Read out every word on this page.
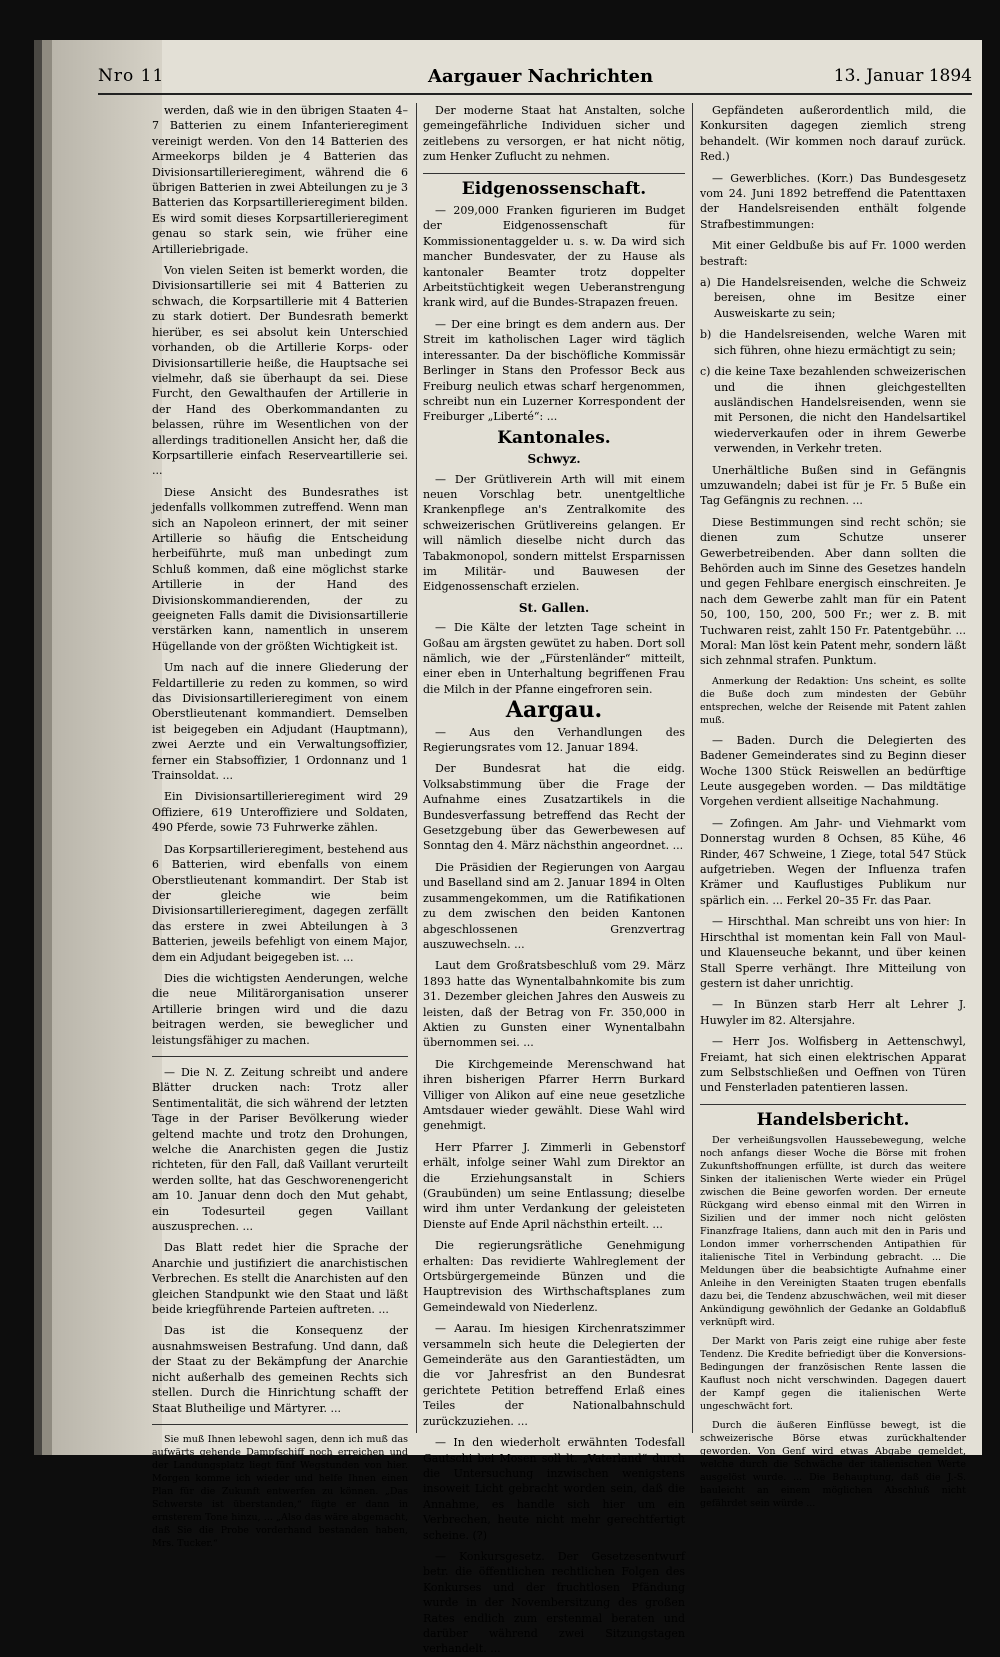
Nro 11	Aargauer Nachrichten	13. Januar 1894

werden, daß wie in den übrigen Staaten 4–7 Batterien zu einem Infanterieregiment vereinigt werden. Von den 14 Batterien des Armeekorps bilden je 4 Batterien das Divisionsartillerieregiment, während die 6 übrigen Batterien in zwei Abteilungen zu je 3 Batterien das Korpsartillerieregiment bilden. Es wird somit dieses Korpsartillerieregiment genau so stark sein, wie früher eine Artilleriebrigade.

Von vielen Seiten ist bemerkt worden, die Divisionsartillerie sei mit 4 Batterien zu schwach, die Korpsartillerie mit 4 Batterien zu stark dotiert. Der Bundesrath bemerkt hierüber, es sei absolut kein Unterschied vorhanden, ob die Artillerie Korps- oder Divisionsartillerie heiße, die Hauptsache sei vielmehr, daß sie überhaupt da sei. Diese Furcht, den Gewalthaufen der Artillerie in der Hand des Oberkommandanten zu belassen, rühre im Wesentlichen von der allerdings traditionellen Ansicht her, daß die Korpsartillerie einfach Reserveartillerie sei. ...

Diese Ansicht des Bundesrathes ist jedenfalls vollkommen zutreffend. Wenn man sich an Napoleon erinnert, der mit seiner Artillerie so häufig die Entscheidung herbeiführte, muß man unbedingt zum Schluß kommen, daß eine möglichst starke Artillerie in der Hand des Divisionskommandierenden, der zu geeigneten Falls damit die Divisionsartillerie verstärken kann, namentlich in unserem Hügellande von der größten Wichtigkeit ist.

Um nach auf die innere Gliederung der Feldartillerie zu reden zu kommen, so wird das Divisionsartillerieregiment von einem Oberstlieutenant kommandiert. Demselben ist beigegeben ein Adjudant (Hauptmann), zwei Aerzte und ein Verwaltungsoffizier, ferner ein Stabsoffizier, 1 Ordonnanz und 1 Trainsoldat. ...

Ein Divisionsartillerieregiment wird 29 Offiziere, 619 Unteroffiziere und Soldaten, 490 Pferde, sowie 73 Fuhrwerke zählen.

Das Korpsartillerieregiment, bestehend aus 6 Batterien, wird ebenfalls von einem Oberstlieutenant kommandirt. Der Stab ist der gleiche wie beim Divisionsartillerieregiment, dagegen zerfällt das erstere in zwei Abteilungen à 3 Batterien, jeweils befehligt von einem Major, dem ein Adjudant beigegeben ist. ...

Dies die wichtigsten Aenderungen, welche die neue Militärorganisation unserer Artillerie bringen wird und die dazu beitragen werden, sie beweglicher und leistungsfähiger zu machen.

— Die N. Z. Zeitung schreibt und andere Blätter drucken nach: Trotz aller Sentimentalität, die sich während der letzten Tage in der Pariser Bevölkerung wieder geltend machte und trotz den Drohungen, welche die Anarchisten gegen die Justiz richteten, für den Fall, daß Vaillant verurteilt werden sollte, hat das Geschworenengericht am 10. Januar denn doch den Mut gehabt, ein Todesurteil gegen Vaillant auszusprechen. ...

Das Blatt redet hier die Sprache der Anarchie und justifiziert die anarchistischen Verbrechen. Es stellt die Anarchisten auf den gleichen Standpunkt wie den Staat und läßt beide kriegführende Parteien auftreten. ...

Das ist die Konsequenz der ausnahmsweisen Bestrafung. Und dann, daß der Staat zu der Bekämpfung der Anarchie nicht außerhalb des gemeinen Rechts sich stellen. Durch die Hinrichtung schafft der Staat Blutheilige und Märtyrer. ...

Sie muß Ihnen lebewohl sagen, denn ich muß das aufwärts gehende Dampfschiff noch erreichen und der Landungsplatz liegt fünf Wegstunden von hier. Morgen komme ich wieder und helfe Ihnen einen Plan für die Zukunft entwerfen zu können. „Das Schwerste ist überstanden,“ fügte er dann in ernsterem Tone hinzu, ... „Also das wäre abgemacht, daß Sie die Probe vorderhand bestanden haben, Mrs. Tucker.“

Der moderne Staat hat Anstalten, solche gemeingefährliche Individuen sicher und zeitlebens zu versorgen, er hat nicht nötig, zum Henker Zuflucht zu nehmen.

Eidgenossenschaft.

— 209,000 Franken figurieren im Budget der Eidgenossenschaft für Kommissionentaggelder u. s. w. Da wird sich mancher Bundesvater, der zu Hause als kantonaler Beamter trotz doppelter Arbeitstüchtigkeit wegen Ueberanstrengung krank wird, auf die Bundes-Strapazen freuen.

— Der eine bringt es dem andern aus. Der Streit im katholischen Lager wird täglich interessanter. Da der bischöfliche Kommissär Berlinger in Stans den Professor Beck aus Freiburg neulich etwas scharf hergenommen, schreibt nun ein Luzerner Korrespondent der Freiburger „Liberté“: ...

Kantonales.
Schwyz.

— Der Grütliverein Arth will mit einem neuen Vorschlag betr. unentgeltliche Krankenpflege an's Zentralkomite des schweizerischen Grütlivereins gelangen. Er will nämlich dieselbe nicht durch das Tabakmonopol, sondern mittelst Ersparnissen im Militär- und Bauwesen der Eidgenossenschaft erzielen.

St. Gallen.

— Die Kälte der letzten Tage scheint in Goßau am ärgsten gewütet zu haben. Dort soll nämlich, wie der „Fürstenländer“ mitteilt, einer eben in Unterhaltung begriffenen Frau die Milch in der Pfanne eingefroren sein.

Aargau.

— Aus den Verhandlungen des Regierungsrates vom 12. Januar 1894.

Der Bundesrat hat die eidg. Volksabstimmung über die Frage der Aufnahme eines Zusatzartikels in die Bundesverfassung betreffend das Recht der Gesetzgebung über das Gewerbewesen auf Sonntag den 4. März nächsthin angeordnet. ...

Die Präsidien der Regierungen von Aargau und Baselland sind am 2. Januar 1894 in Olten zusammengekommen, um die Ratifikationen zu dem zwischen den beiden Kantonen abgeschlossenen Grenzvertrag auszuwechseln. ...

Laut dem Großratsbeschluß vom 29. März 1893 hatte das Wynentalbahnkomite bis zum 31. Dezember gleichen Jahres den Ausweis zu leisten, daß der Betrag von Fr. 350,000 in Aktien zu Gunsten einer Wynentalbahn übernommen sei. ...

Die Kirchgemeinde Merenschwand hat ihren bisherigen Pfarrer Herrn Burkard Villiger von Alikon auf eine neue gesetzliche Amtsdauer wieder gewählt. Diese Wahl wird genehmigt.

Herr Pfarrer J. Zimmerli in Gebenstorf erhält, infolge seiner Wahl zum Direktor an die Erziehungsanstalt in Schiers (Graubünden) um seine Entlassung; dieselbe wird ihm unter Verdankung der geleisteten Dienste auf Ende April nächsthin erteilt. ...

Die regierungsrätliche Genehmigung erhalten: Das revidierte Wahlreglement der Ortsbürgergemeinde Bünzen und die Hauptrevision des Wirthschaftsplanes zum Gemeindewald von Niederlenz.

— Aarau. Im hiesigen Kirchenratszimmer versammeln sich heute die Delegierten der Gemeinderäte aus den Garantiestädten, um die vor Jahresfrist an den Bundesrat gerichtete Petition betreffend Erlaß eines Teiles der Nationalbahnschuld zurückzuziehen. ...

— In den wiederholt erwähnten Todesfall Gautschi bei Mosen soll lt. „Vaterland“ durch die Untersuchung inzwischen wenigstens insoweit Licht gebracht worden sein, daß die Annahme, es handle sich hier um ein Verbrechen, heute nicht mehr gerechtfertigt scheine. (?)

— Konkursgesetz. Der Gesetzesentwurf betr. die öffentlichen rechtlichen Folgen des Konkurses und der fruchtlosen Pfändung wurde in der Novembersitzung des großen Rates endlich zum erstenmal beraten und darüber während zwei Sitzungstagen verhandelt. ...

Gepfändeten außerordentlich mild, die Konkursiten dagegen ziemlich streng behandelt. (Wir kommen noch darauf zurück. Red.)

— Gewerbliches. (Korr.) Das Bundesgesetz vom 24. Juni 1892 betreffend die Patenttaxen der Handelsreisenden enthält folgende Strafbestimmungen:

Mit einer Geldbuße bis auf Fr. 1000 werden bestraft:

a) Die Handelsreisenden, welche die Schweiz bereisen, ohne im Besitze einer Ausweiskarte zu sein;

b) die Handelsreisenden, welche Waren mit sich führen, ohne hiezu ermächtigt zu sein;

c) die keine Taxe bezahlenden schweizerischen und die ihnen gleichgestellten ausländischen Handelsreisenden, wenn sie mit Personen, die nicht den Handelsartikel wiederverkaufen oder in ihrem Gewerbe verwenden, in Verkehr treten.

Unerhältliche Bußen sind in Gefängnis umzuwandeln; dabei ist für je Fr. 5 Buße ein Tag Gefängnis zu rechnen. ...

Diese Bestimmungen sind recht schön; sie dienen zum Schutze unserer Gewerbetreibenden. Aber dann sollten die Behörden auch im Sinne des Gesetzes handeln und gegen Fehlbare energisch einschreiten. Je nach dem Gewerbe zahlt man für ein Patent 50, 100, 150, 200, 500 Fr.; wer z. B. mit Tuchwaren reist, zahlt 150 Fr. Patentgebühr. ... Moral: Man löst kein Patent mehr, sondern läßt sich zehnmal strafen. Punktum.

Anmerkung der Redaktion: Uns scheint, es sollte die Buße doch zum mindesten der Gebühr entsprechen, welche der Reisende mit Patent zahlen muß.

— Baden. Durch die Delegierten des Badener Gemeinderates sind zu Beginn dieser Woche 1300 Stück Reiswellen an bedürftige Leute ausgegeben worden. — Das mildtätige Vorgehen verdient allseitige Nachahmung.

— Zofingen. Am Jahr- und Viehmarkt vom Donnerstag wurden 8 Ochsen, 85 Kühe, 46 Rinder, 467 Schweine, 1 Ziege, total 547 Stück aufgetrieben. Wegen der Influenza trafen Krämer und Kauflustiges Publikum nur spärlich ein. ... Ferkel 20–35 Fr. das Paar.

— Hirschthal. Man schreibt uns von hier: In Hirschthal ist momentan kein Fall von Maul- und Klauenseuche bekannt, und über keinen Stall Sperre verhängt. Ihre Mitteilung von gestern ist daher unrichtig.

— In Bünzen starb Herr alt Lehrer J. Huwyler im 82. Altersjahre.

— Herr Jos. Wolfisberg in Aettenschwyl, Freiamt, hat sich einen elektrischen Apparat zum Selbstschließen und Oeffnen von Türen und Fensterladen patentieren lassen.

Handelsbericht.

Der verheißungsvollen Haussebewegung, welche noch anfangs dieser Woche die Börse mit frohen Zukunftshoffnungen erfüllte, ist durch das weitere Sinken der italienischen Werte wieder ein Prügel zwischen die Beine geworfen worden. Der erneute Rückgang wird ebenso einmal mit den Wirren in Sizilien und der immer noch nicht gelösten Finanzfrage Italiens, dann auch mit den in Paris und London immer vorherrschenden Antipathien für italienische Titel in Verbindung gebracht. ... Die Meldungen über die beabsichtigte Aufnahme einer Anleihe in den Vereinigten Staaten trugen ebenfalls dazu bei, die Tendenz abzuschwächen, weil mit dieser Ankündigung gewöhnlich der Gedanke an Goldabfluß verknüpft wird.

Der Markt von Paris zeigt eine ruhige aber feste Tendenz. Die Kredite befriedigt über die Konversions-Bedingungen der französischen Rente lassen die Kauflust noch nicht verschwinden. Dagegen dauert der Kampf gegen die italienischen Werte ungeschwächt fort.

Durch die äußeren Einflüsse bewegt, ist die schweizerische Börse etwas zurückhaltender geworden. Von Genf wird etwas Abgabe gemeldet, welche durch die Schwäche der italienischen Werte ausgelöst wurde. ... Die Behauptung, daß die J.-S. bauleicht an einem möglichen Abschluß nicht gefährdet sein würde ...
